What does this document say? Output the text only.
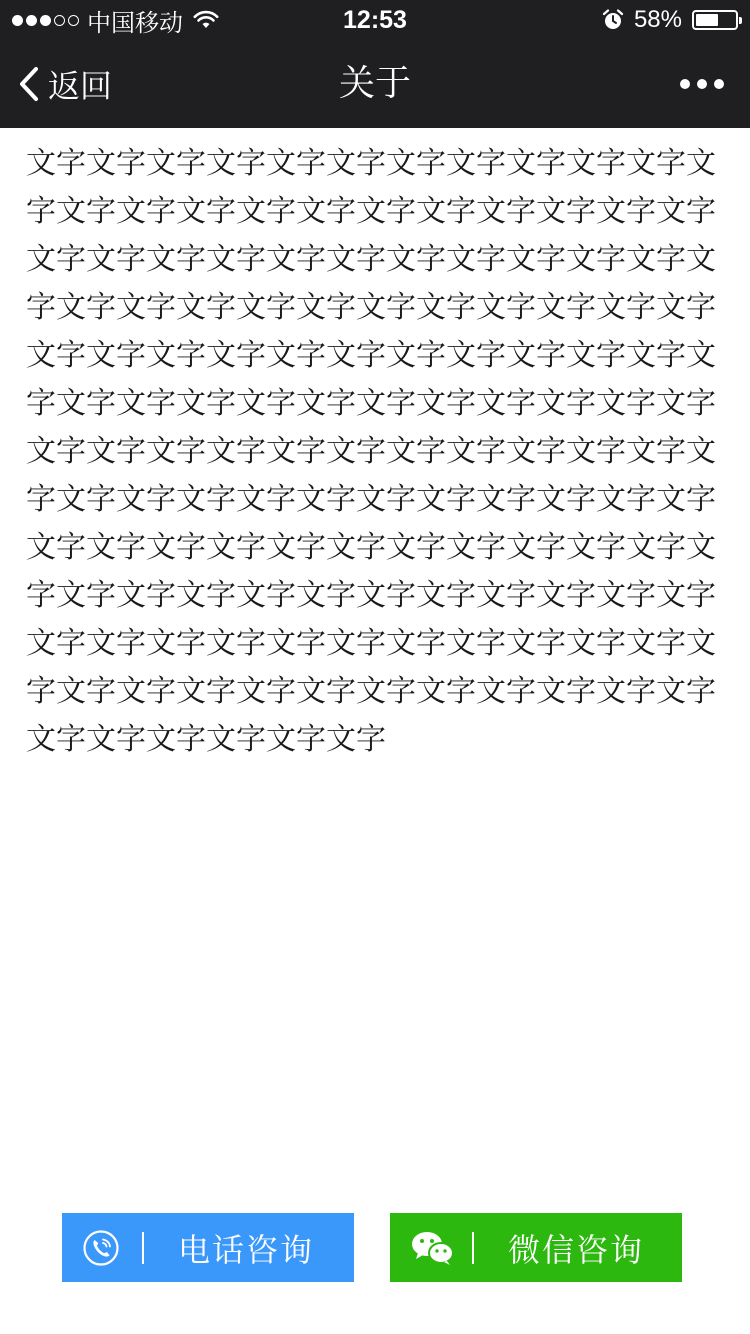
中国移动	12:53	58%
返回	关于
文字文字文字文字文字文字文字文字文字文字文字文字文字文字文字文字文字文字文字文字文字文字文字文字文字文字文字文字文字文字文字文字文字文字文字文字文字文字文字文字文字文字文字文字文字文字文字文字文字文字文字文字文字文字文字文字文字文字文字文字文字文字文字文字文字文字文字文字文字文字文字文字文字文字文字文字文字文字文字文字文字文字文字文字文字文字文字文字文字文字文字文字文字文字文字文字文字文字文字文字文字文字文字文字文字文字文字文字文字文字文字文字文字文字文字文字文字文字文字文字文字文字文字文字文字文字文字文字文字文字文字文字文字文字文字文字文字文字文字文字文字文字文字文字
电话咨询	微信咨询
